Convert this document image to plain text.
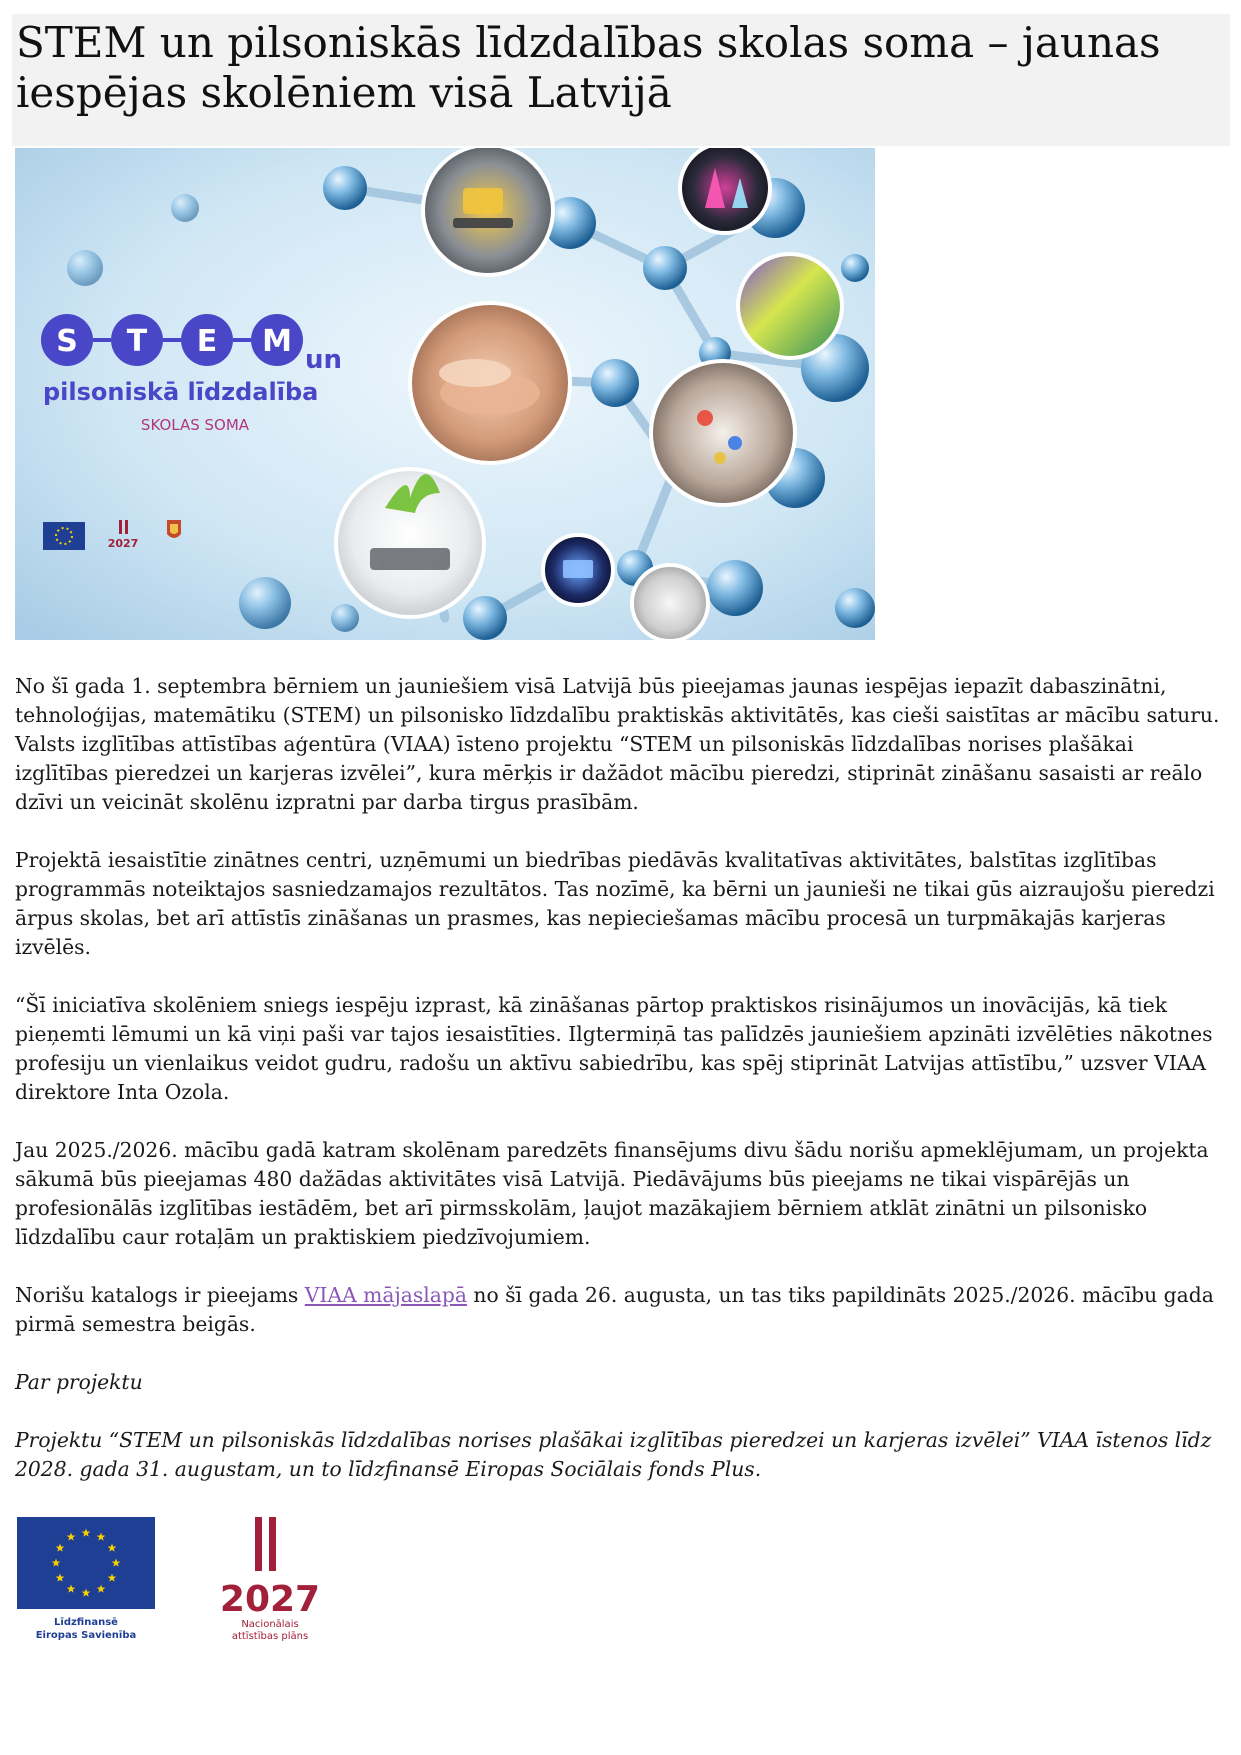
STEM un pilsoniskās līdzdalības skolas soma – jaunas iespējas skolēniem visā Latvijā
S T E M
un
pilsoniskā līdzdalība
SKOLAS SOMA
2027

No šī gada 1. septembra bērniem un jauniešiem visā Latvijā būs pieejamas jaunas iespējas iepazīt dabaszinātni, tehnoloģijas, matemātiku (STEM) un pilsonisko līdzdalību praktiskās aktivitātēs, kas cieši saistītas ar mācību saturu. Valsts izglītības attīstības aģentūra (VIAA) īsteno projektu “STEM un pilsoniskās līdzdalības norises plašākai izglītības pieredzei un karjeras izvēlei”, kura mērķis ir dažādot mācību pieredzi, stiprināt zināšanu sasaisti ar reālo dzīvi un veicināt skolēnu izpratni par darba tirgus prasībām.

Projektā iesaistītie zinātnes centri, uzņēmumi un biedrības piedāvās kvalitatīvas aktivitātes, balstītas izglītības programmās noteiktajos sasniedzamajos rezultātos. Tas nozīmē, ka bērni un jaunieši ne tikai gūs aizraujošu pieredzi ārpus skolas, bet arī attīstīs zināšanas un prasmes, kas nepieciešamas mācību procesā un turpmākajās karjeras izvēlēs.

“Šī iniciatīva skolēniem sniegs iespēju izprast, kā zināšanas pārtop praktiskos risinājumos un inovācijās, kā tiek pieņemti lēmumi un kā viņi paši var tajos iesaistīties. Ilgtermiņā tas palīdzēs jauniešiem apzināti izvēlēties nākotnes profesiju un vienlaikus veidot gudru, radošu un aktīvu sabiedrību, kas spēj stiprināt Latvijas attīstību,” uzsver VIAA direktore Inta Ozola.

Jau 2025./2026. mācību gadā katram skolēnam paredzēts finansējums divu šādu norišu apmeklējumam, un projekta sākumā būs pieejamas 480 dažādas aktivitātes visā Latvijā. Piedāvājums būs pieejams ne tikai vispārējās un profesionālās izglītības iestādēm, bet arī pirmsskolām, ļaujot mazākajiem bērniem atklāt zinātni un pilsonisko līdzdalību caur rotaļām un praktiskiem piedzīvojumiem.

Norišu katalogs ir pieejams VIAA mājaslapā no šī gada 26. augusta, un tas tiks papildināts 2025./2026. mācību gada pirmā semestra beigās.

Par projektu

Projektu “STEM un pilsoniskās līdzdalības norises plašākai izglītības pieredzei un karjeras izvēlei” VIAA īstenos līdz 2028. gada 31. augustam, un to līdzfinansē Eiropas Sociālais fonds Plus.

Līdzfinansē
Eiropas Savienība
2027
Nacionālais
attīstības plāns
